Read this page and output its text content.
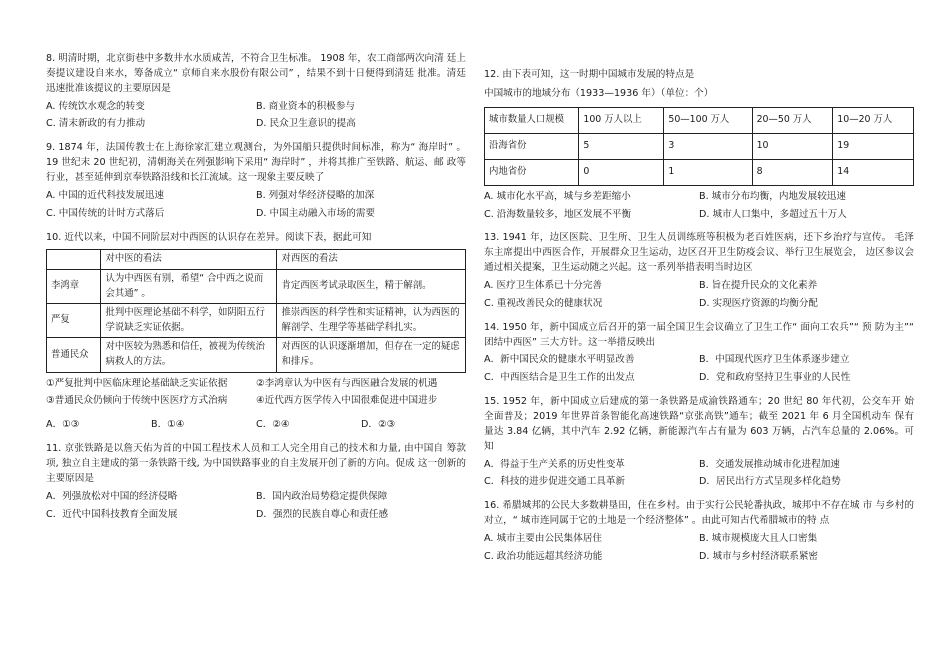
8. 明清时期，北京街巷中多数井水水质咸苦，不符合卫生标准。 1908 年，农工商部两次向清 廷上奏提议建设自来水，筹备成立“ 京师自来水股份有限公司” ，结果不到十日便得到清廷 批准。清廷迅速批准该提议的主要原因是

A. 传统饮水观念的转变	B. 商业资本的积极参与
C. 清末新政的有力推动	D. 民众卫生意识的提高

9. 1874 年，法国传教士在上海徐家汇建立观测台，为外国船只提供时间标准，称为“ 海岸时” 。 19 世纪末 20 世纪初，清朝海关在列强影响下采用“ 海岸时” ，并将其推广至铁路、航运、邮 政等行业，甚至延伸到京奉铁路沿线和长江流域。这一现象主要反映了

A. 中国的近代科技发展迅速	B. 列强对华经济侵略的加深
C. 中国传统的计时方式落后	D. 中国主动融入市场的需要

10. 近代以来，中国不同阶层对中西医的认识存在差异。阅读下表，据此可知

	对中医的看法	对西医的看法
李鸿章	认为中西医有别，希望“ 合中西之说而会其通” 。	肯定西医考试录取医生，精于解剖。
严复	批判中医理论基础不科学，如阴阳五行学说缺乏实证依据。	推崇西医的科学性和实证精神，认为西医的解剖学、生理学等基础学科扎实。
普通民众	对中医较为熟悉和信任，被视为传统治病救人的方法。	对西医的认识逐渐增加，但存在一定的疑虑和排斥。
①严复批判中医临床理论基础缺乏实证依据	②李鸿章认为中医有与西医融合发展的机遇
③普通民众仍倾向于传统中医医疗方式治病	④近代西方医学传入中国很难促进中国进步
A．①③	B．①④	C．②④	D．②③

11. 京张铁路是以詹天佑为首的中国工程技术人员和工人完全用自己的技术和力量, 由中国自 筹款项, 独立自主建成的第一条铁路干线, 为中国铁路事业的自主发展开创了新的方向。促成 这一创新的主要原因是

A．列强放松对中国的经济侵略	B．国内政治局势稳定提供保障
C．近代中国科技教育全面发展	D．强烈的民族自尊心和责任感

12. 由下表可知，这一时期中国城市发展的特点是

中国城市的地域分布（1933—1936 年）（单位：个）

城市数量人口规模	100 万人以上	50—100 万人	20—50 万人	10—20 万人
沿海省份	5	3	10	19
内地省份	0	1	8	14
A. 城市化水平高，城与乡差距缩小	B. 城市分布均衡，内地发展较迅速
C. 沿海数量较多，地区发展不平衡	D. 城市人口集中，多超过五十万人

13. 1941 年，边区医院、卫生所、卫生人员训练班等积极为老百姓医病，还下乡治疗与宣传。 毛泽东主席提出中西医合作，开展群众卫生运动，边区召开卫生防疫会议、举行卫生展览会， 边区参议会通过相关提案，卫生运动随之兴起。这一系列举措表明当时边区

A. 医疗卫生体系已十分完善	B. 旨在提升民众的文化素养
C. 重视改善民众的健康状况	D. 实现医疗资源的均衡分配

14. 1950 年，新中国成立后召开的第一届全国卫生会议确立了卫生工作“ 面向工农兵”“ 预 防为主”“ 团结中西医” 三大方针。这一举措反映出

A．新中国民众的健康水平明显改善	B．中国现代医疗卫生体系逐步建立
C．中西医结合是卫生工作的出发点	D．党和政府坚持卫生事业的人民性

15. 1952 年，新中国成立后建成的第一条铁路是成渝铁路通车；20 世纪 80 年代初，公交车开 始 全面普及；2019 年世界首条智能化高速铁路“京张高铁”通车；截至 2021 年 6 月全国机动车 保有 量达 3.84 亿辆，其中汽车 2.92 亿辆，新能源汽车占有量为 603 万辆，占汽车总量的 2.06%。可 知

A．得益于生产关系的历史性变革	B．交通发展推动城市化进程加速
C．科技的进步促进交通工具革新	D．居民出行方式呈现多样化趋势

16. 希腊城邦的公民大多数耕垦田，住在乡村。由于实行公民轮番执政，城邦中不存在城 市 与乡村的对立，“ 城市连同属于它的土地是一个经济整体” 。由此可知古代希腊城市的特 点

A. 城市主要由公民集体居住	B. 城市规模庞大且人口密集
C. 政治功能远超其经济功能	D. 城市与乡村经济联系紧密
